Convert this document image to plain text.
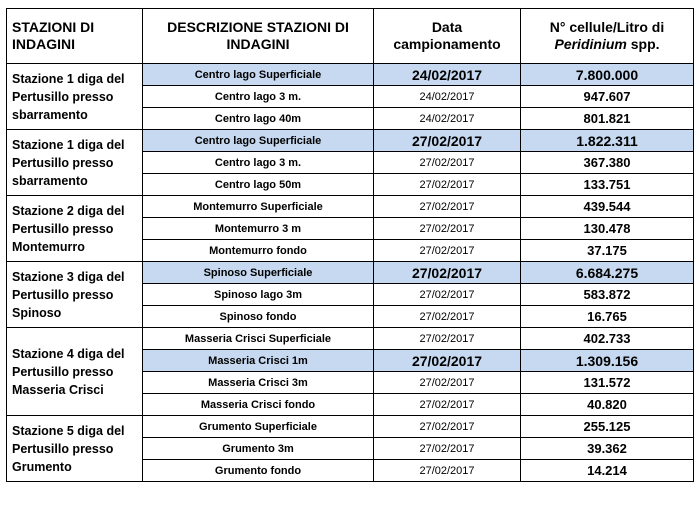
STAZIONI DI INDAGINI	DESCRIZIONE STAZIONI DI INDAGINI	Data campionamento	N° cellule/Litro di
Peridinium spp.
Stazione 1 diga del Pertusillo presso sbarramento	Centro lago Superficiale	24/02/2017	7.800.000
	Centro lago 3 m.	24/02/2017	947.607
	Centro lago 40m	24/02/2017	801.821
Stazione 1 diga del Pertusillo presso sbarramento	Centro lago Superficiale	27/02/2017	1.822.311
	Centro lago 3 m.	27/02/2017	367.380
	Centro lago 50m	27/02/2017	133.751
Stazione 2 diga del Pertusillo presso Montemurro	Montemurro Superficiale	27/02/2017	439.544
	Montemurro 3 m	27/02/2017	130.478
	Montemurro fondo	27/02/2017	37.175
Stazione 3 diga del Pertusillo presso Spinoso	Spinoso Superficiale	27/02/2017	6.684.275
	Spinoso lago 3m	27/02/2017	583.872
	Spinoso fondo	27/02/2017	16.765
Stazione 4 diga del Pertusillo presso Masseria Crisci	Masseria Crisci Superficiale	27/02/2017	402.733
	Masseria Crisci 1m	27/02/2017	1.309.156
	Masseria Crisci 3m	27/02/2017	131.572
	Masseria Crisci fondo	27/02/2017	40.820
Stazione 5 diga del Pertusillo presso Grumento	Grumento Superficiale	27/02/2017	255.125
	Grumento 3m	27/02/2017	39.362
	Grumento fondo	27/02/2017	14.214
